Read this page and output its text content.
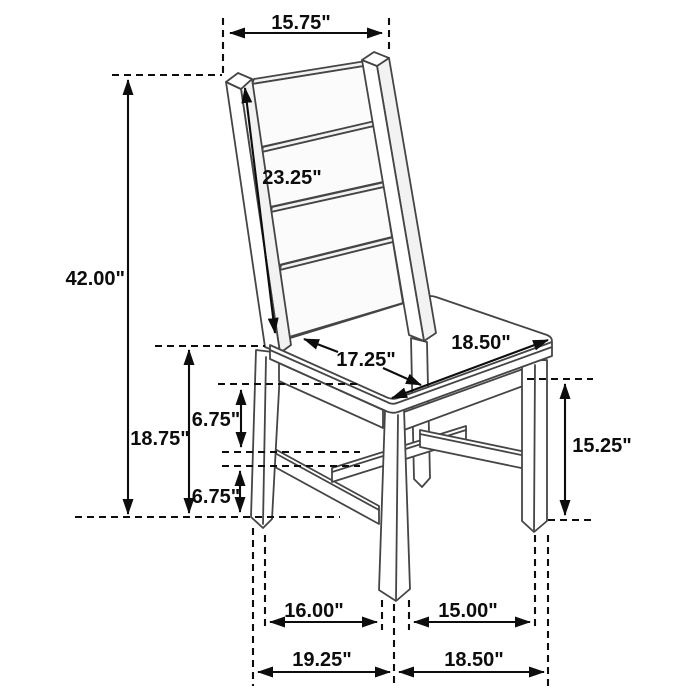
15.75"
42.00"
23.25"
18.75"
6.75"
6.75"
17.25"
18.50"
15.25"
16.00"	15.00"
19.25"	18.50"
